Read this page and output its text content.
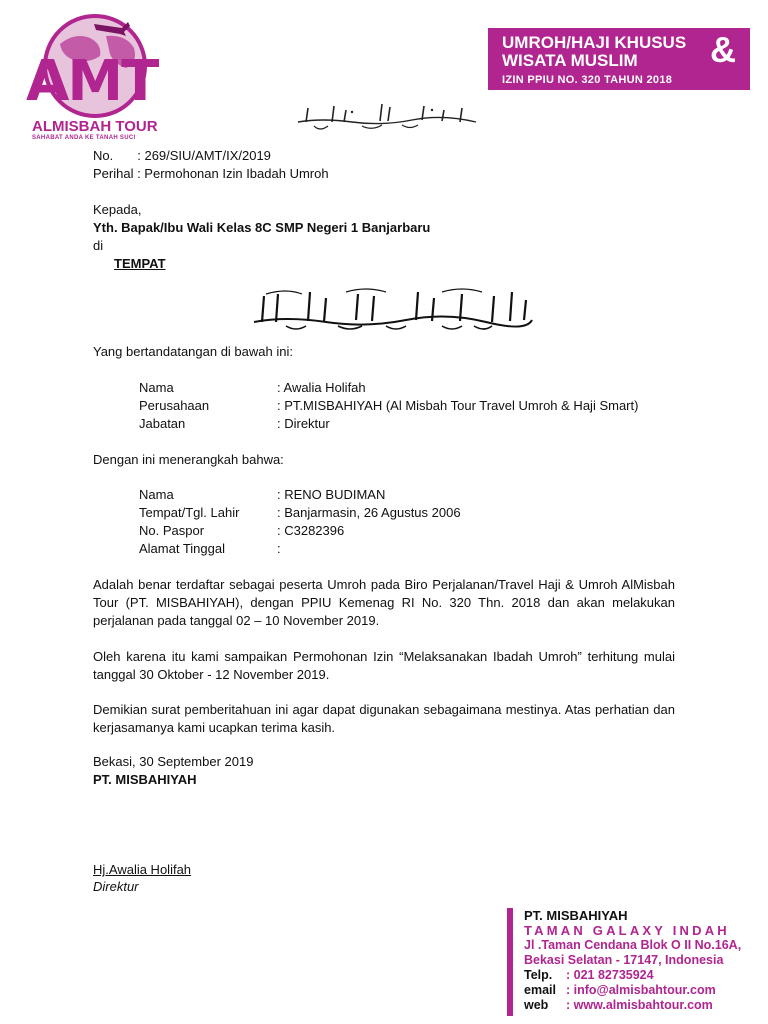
AMT
ALMISBAH TOUR
SAHABAT ANDA KE TANAH SUCI
UMROH/HAJI KHUSUS
WISATA MUSLIM &
IZIN PPIU NO. 320 TAHUN 2018
No. : 269/SIU/AMT/IX/2019
Perihal : Permohonan Izin Ibadah Umroh
Kepada,
Yth. Bapak/Ibu Wali Kelas 8C SMP Negeri 1 Banjarbaru
di
TEMPAT
Yang bertandatangan di bawah ini:
Nama	: Awalia Holifah
Perusahaan	: PT.MISBAHIYAH (Al Misbah Tour Travel Umroh & Haji Smart)
Jabatan	: Direktur
Dengan ini menerangkah bahwa:
Nama	: RENO BUDIMAN
Tempat/Tgl. Lahir	: Banjarmasin, 26 Agustus 2006
No. Paspor	: C3282396
Alamat Tinggal	:
Adalah benar terdaftar sebagai peserta Umroh pada Biro Perjalanan/Travel Haji & Umroh AlMisbah Tour (PT. MISBAHIYAH), dengan PPIU Kemenag RI No. 320 Thn. 2018 dan akan melakukan perjalanan pada tanggal 02 – 10 November 2019.
Oleh karena itu kami sampaikan Permohonan Izin “Melaksanakan Ibadah Umroh” terhitung mulai tanggal 30 Oktober - 12 November 2019.
Demikian surat pemberitahuan ini agar dapat digunakan sebagaimana mestinya. Atas perhatian dan kerjasamanya kami ucapkan terima kasih.
Bekasi, 30 September 2019
PT. MISBAHIYAH
Hj.Awalia Holifah
Direktur
PT. MISBAHIYAH
TAMAN GALAXY INDAH
Jl .Taman Cendana Blok O II No.16A,
Bekasi Selatan - 17147, Indonesia
Telp. : 021 82735924
email : info@almisbahtour.com
web : www.almisbahtour.com
